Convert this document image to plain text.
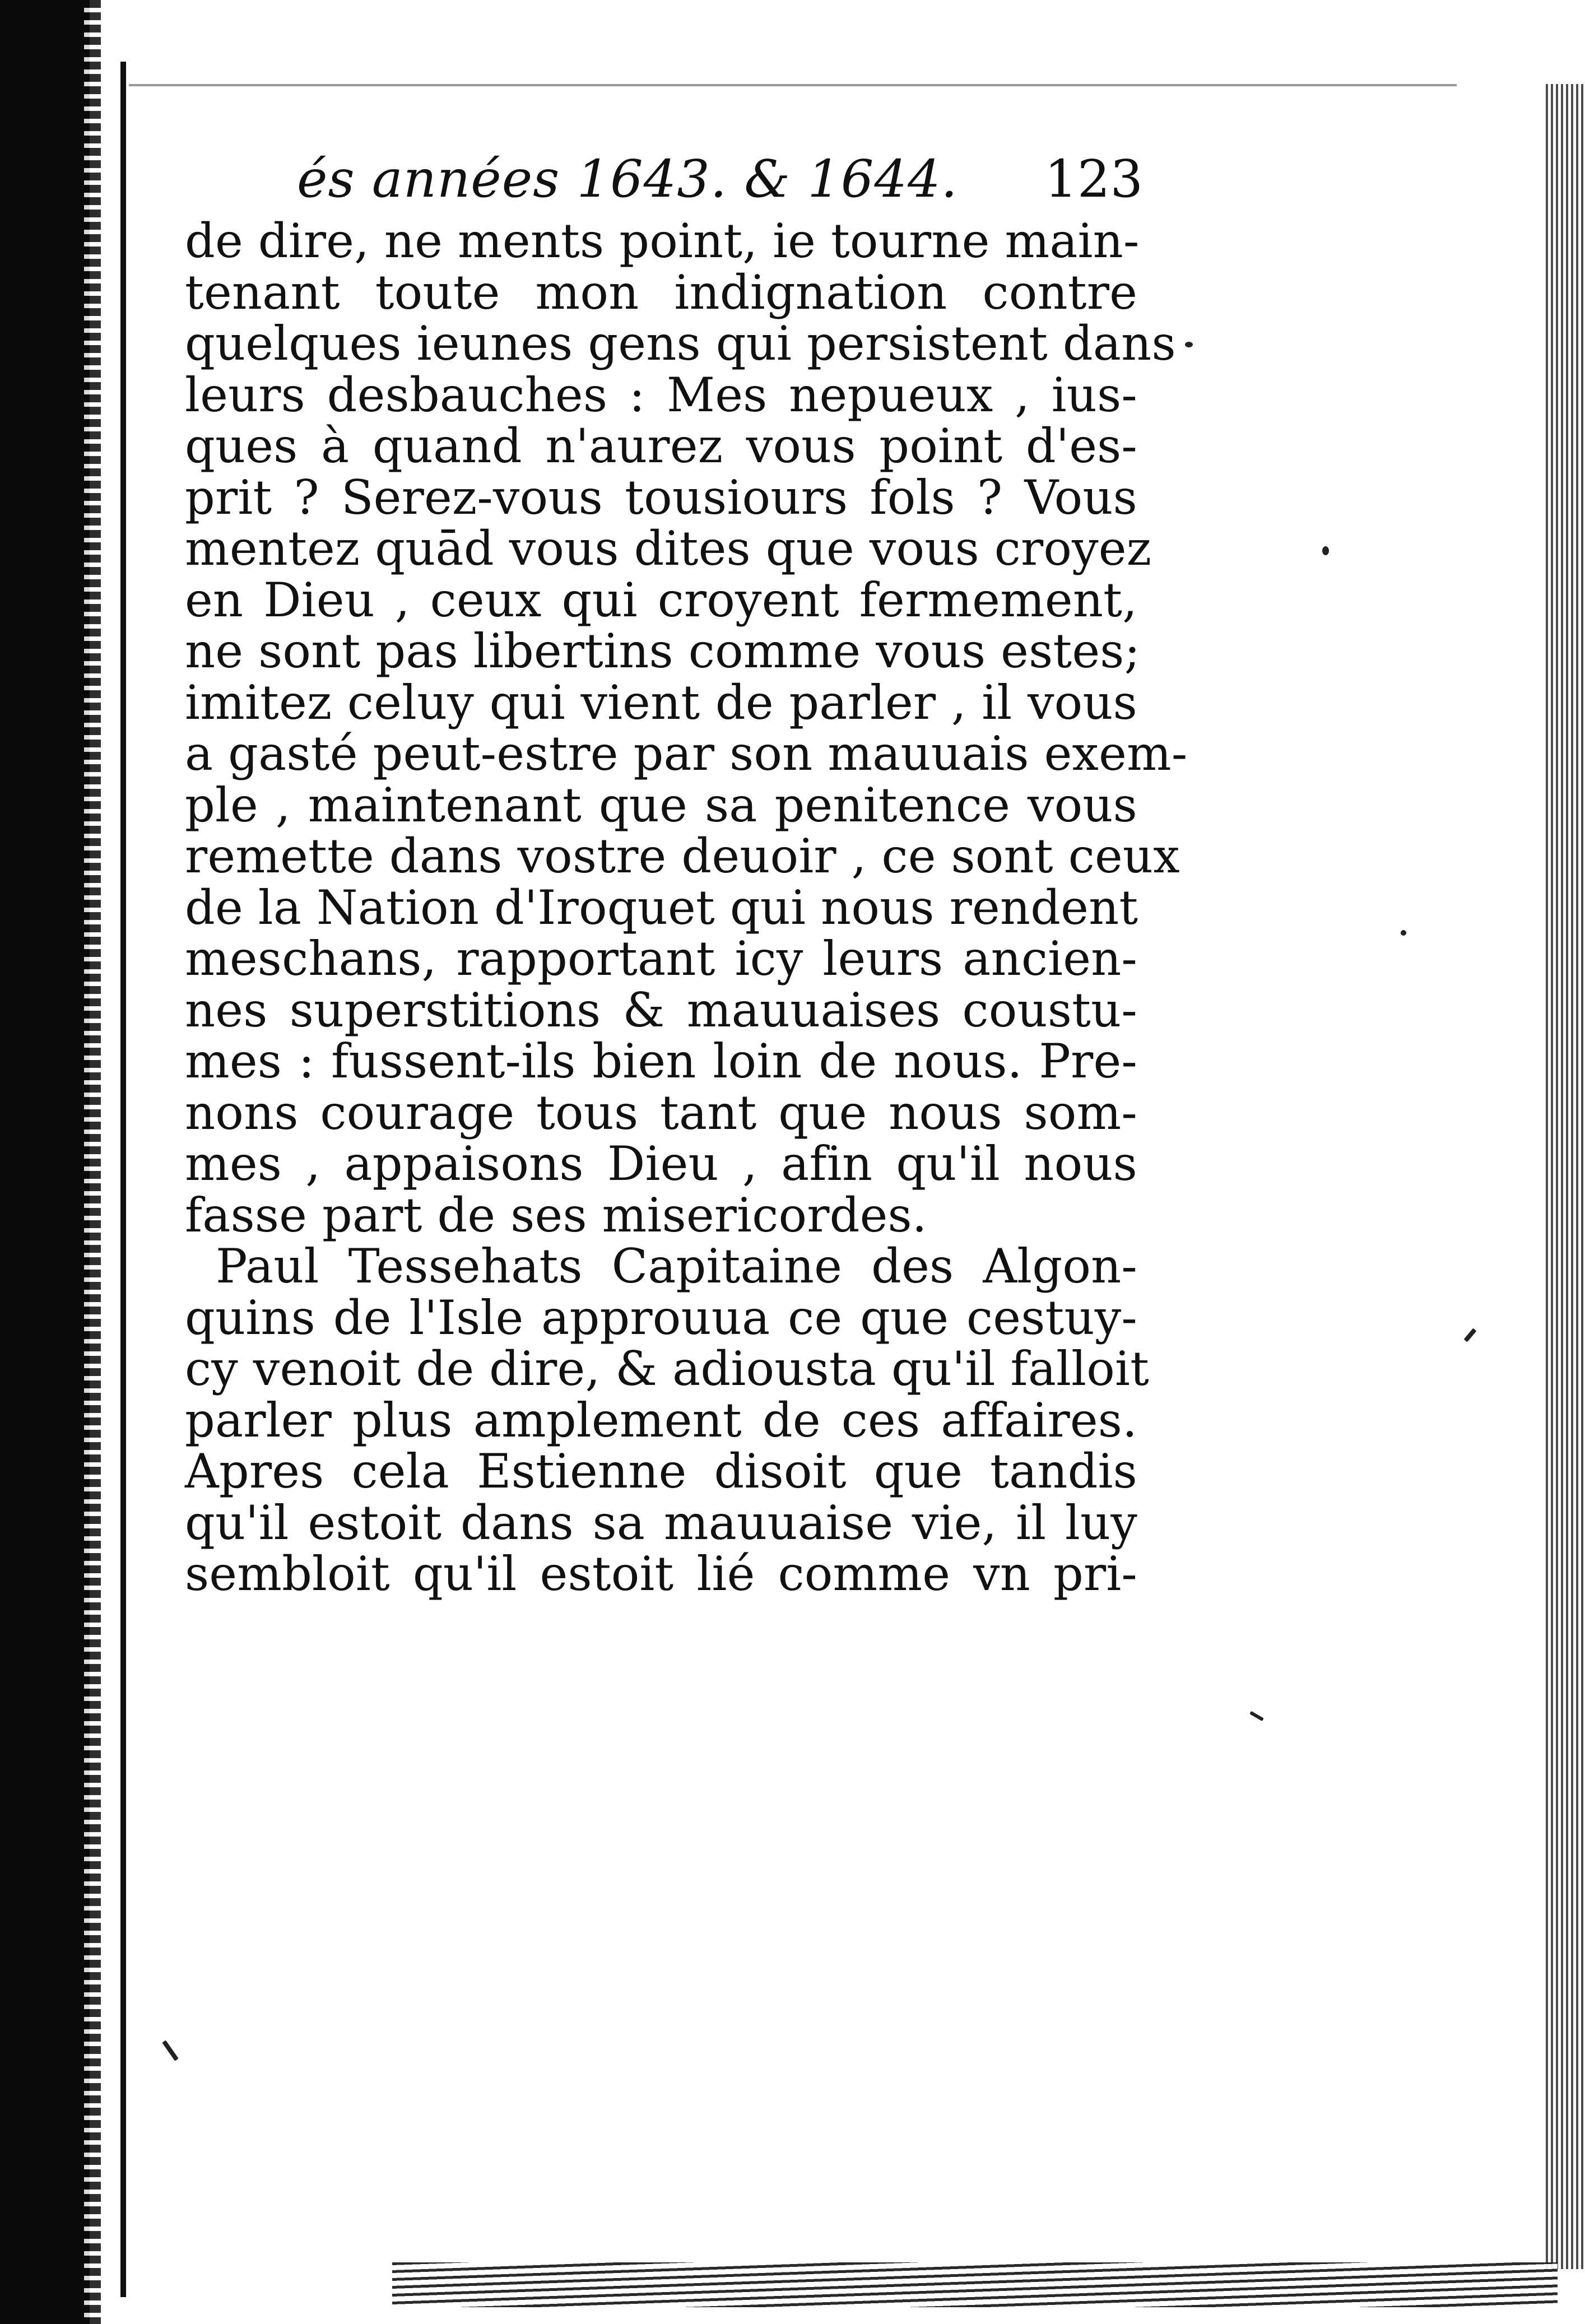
és années 1643. & 1644. 123
de dire, ne ments point, ie tourne main-
tenant toute mon indignation contre
quelques ieunes gens qui persistent dans
leurs desbauches : Mes nepueux , ius-
ques à quand n'aurez vous point d'es-
prit ? Serez-vous tousiours fols ? Vous
mentez quād vous dites que vous croyez
en Dieu , ceux qui croyent fermement,
ne sont pas libertins comme vous estes;
imitez celuy qui vient de parler , il vous
a gasté peut-estre par son mauuais exem-
ple , maintenant que sa penitence vous
remette dans vostre deuoir , ce sont ceux
de la Nation d'Iroquet qui nous rendent
meschans, rapportant icy leurs ancien-
nes superstitions & mauuaises coustu-
mes : fussent-ils bien loin de nous. Pre-
nons courage tous tant que nous som-
mes , appaisons Dieu , afin qu'il nous
fasse part de ses misericordes.
Paul Tessehats Capitaine des Algon-
quins de l'Isle approuua ce que cestuy-
cy venoit de dire, & adiousta qu'il falloit
parler plus amplement de ces affaires.
Apres cela Estienne disoit que tandis
qu'il estoit dans sa mauuaise vie, il luy
sembloit qu'il estoit lié comme vn pri-
